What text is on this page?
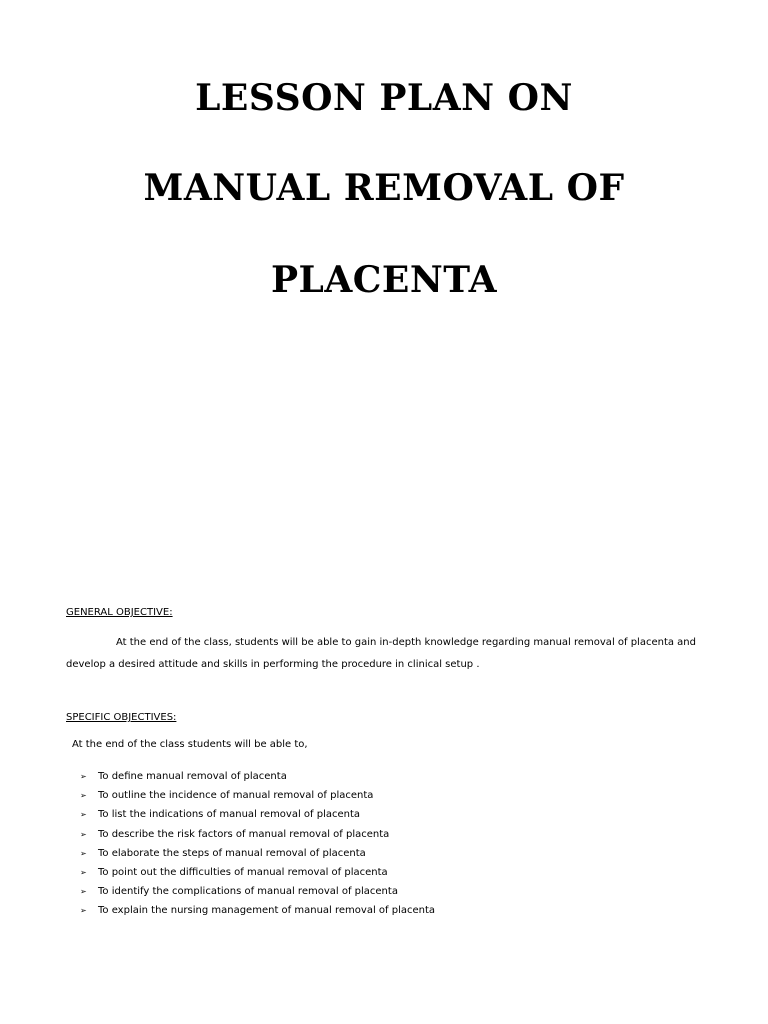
LESSON PLAN ON
MANUAL REMOVAL OF
PLACENTA
GENERAL OBJECTIVE:
At the end of the class, students will be able to gain in-depth knowledge regarding manual removal of placenta and develop a desired attitude and skills in performing the procedure in clinical setup .
SPECIFIC OBJECTIVES:
At the end of the class students will be able to,
➢	To define manual removal of placenta
➢	To outline the incidence of manual removal of placenta
➢	To list the indications of manual removal of placenta
➢	To describe the risk factors of manual removal of placenta
➢	To elaborate the steps of manual removal of placenta
➢	To point out the difficulties of manual removal of placenta
➢	To identify the complications of manual removal of placenta
➢	To explain the nursing management of manual removal of placenta
